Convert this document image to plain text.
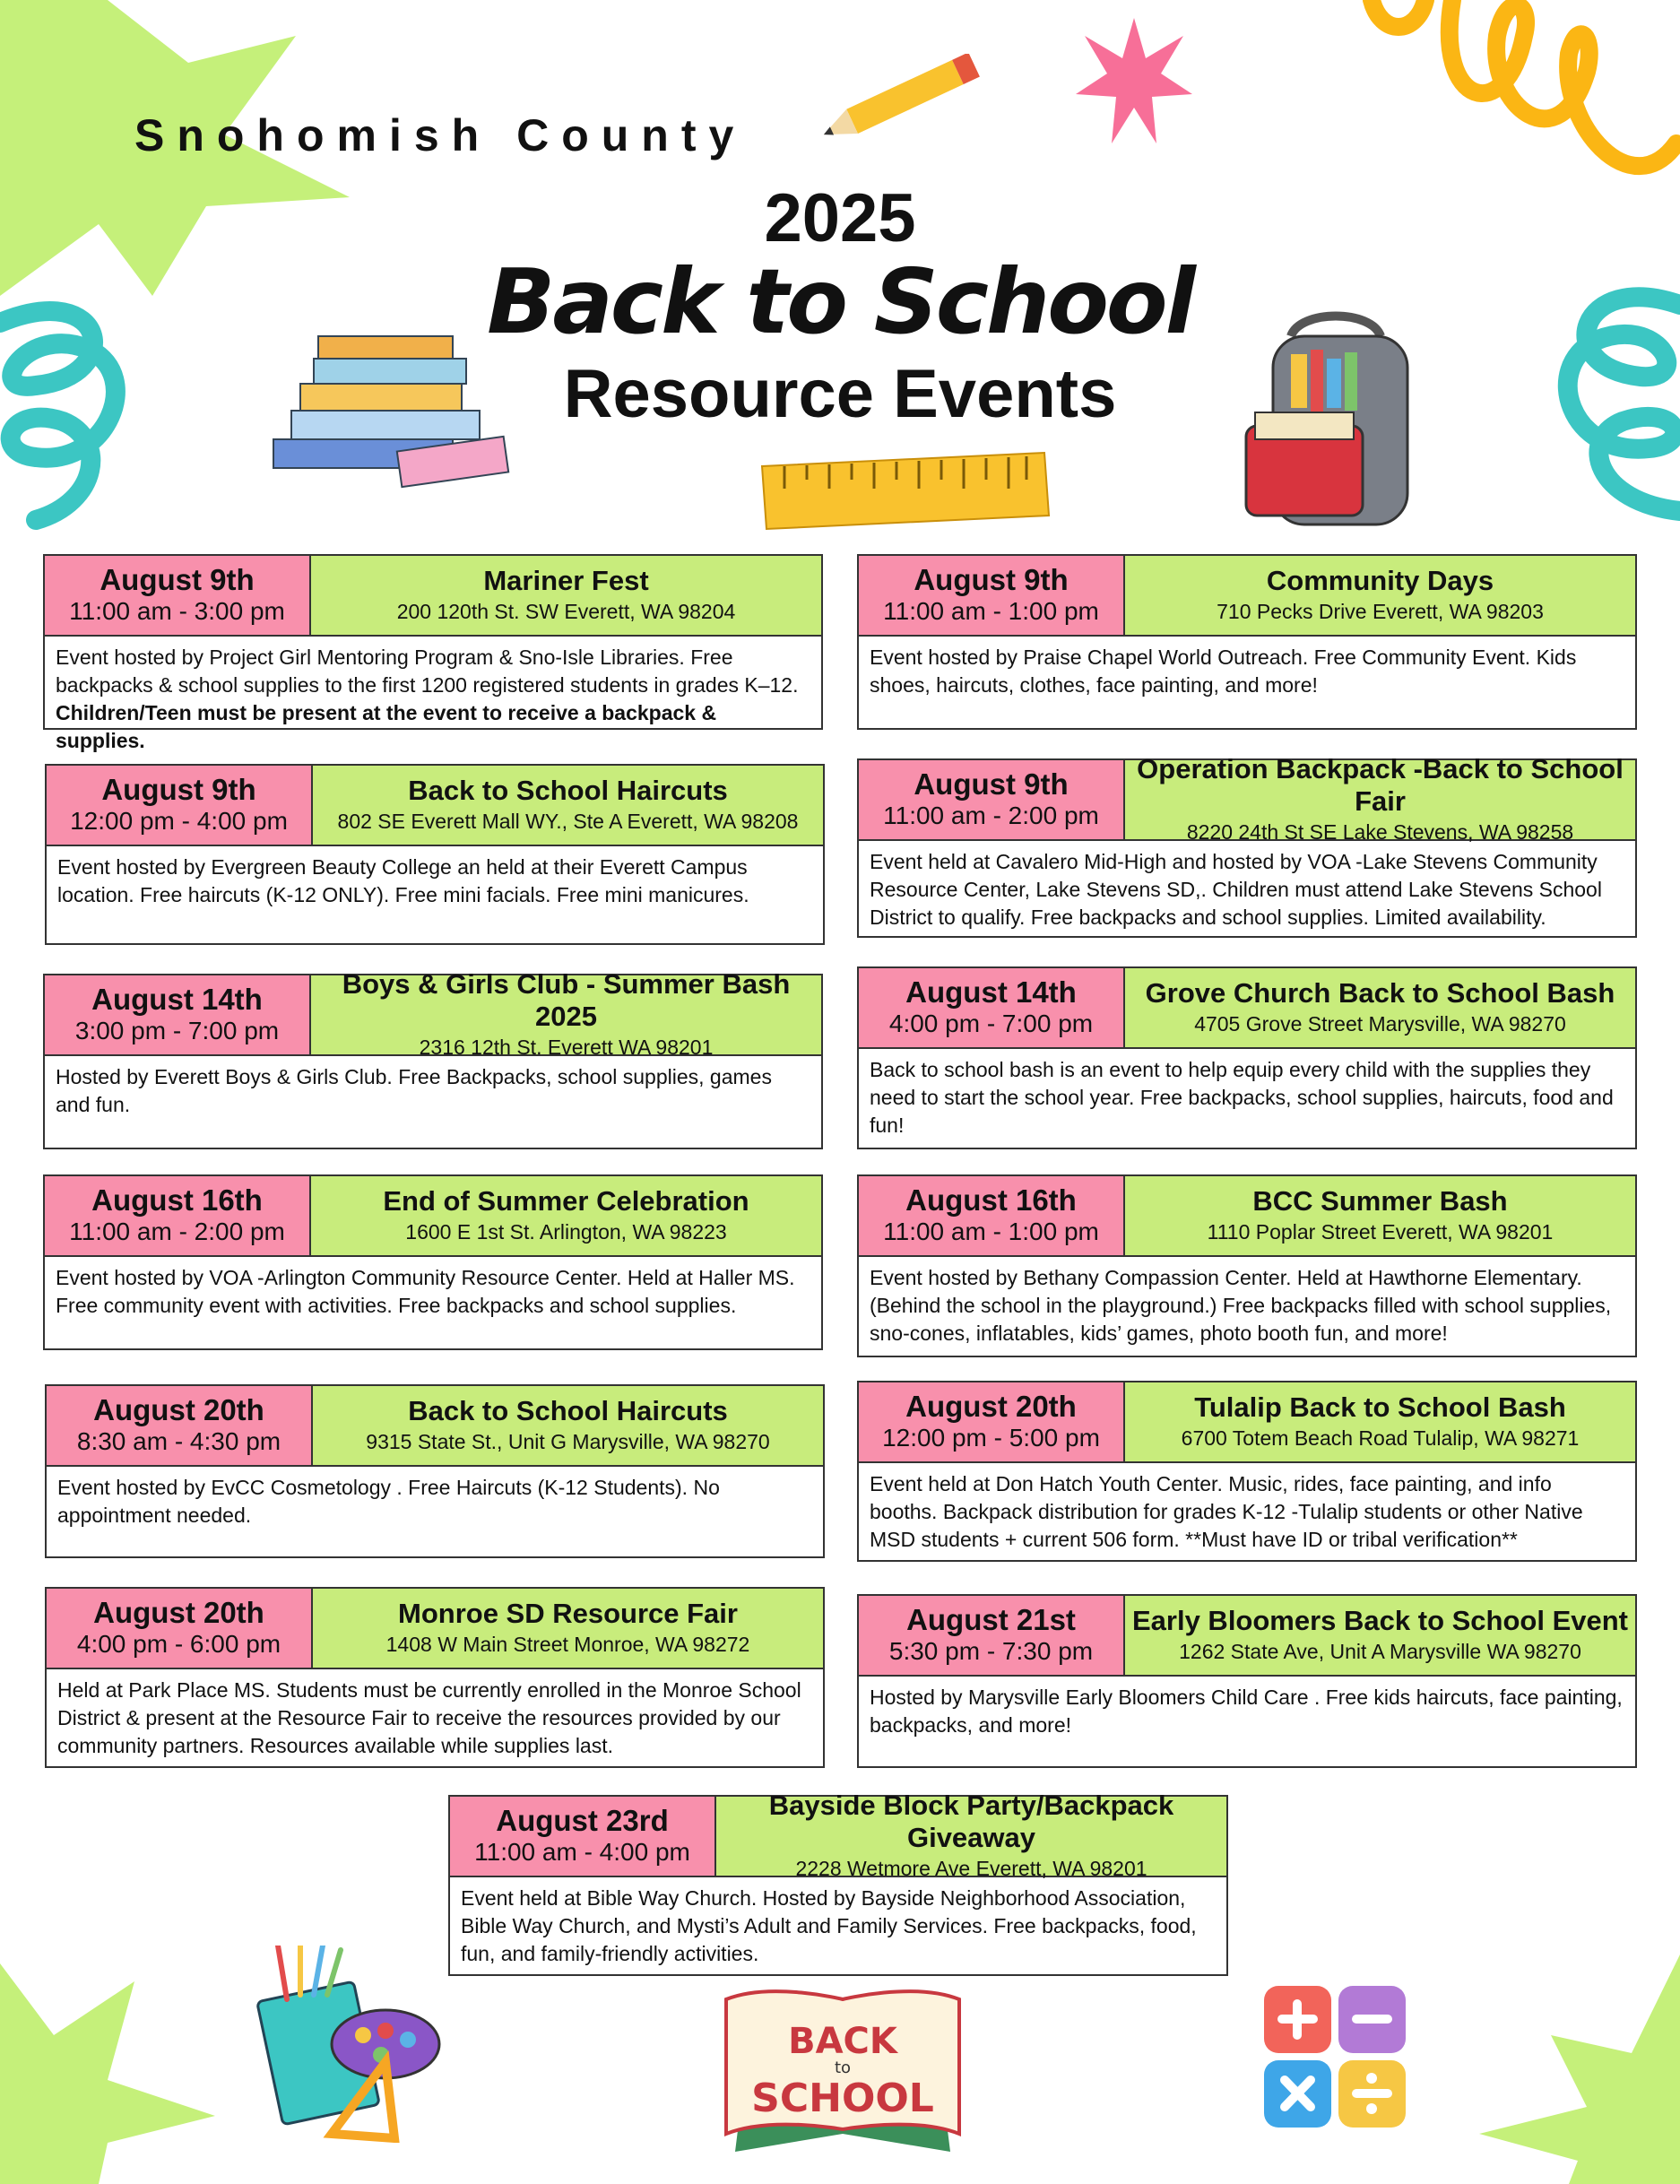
Snohomish County
2025
Back to School
Resource Events
August 9th
11:00 am - 3:00 pm
Mariner Fest
200 120th St. SW Everett, WA 98204
Event hosted by Project Girl Mentoring Program & Sno-Isle Libraries. Free backpacks & school supplies to the first 1200 registered students in grades K–12. Children/Teen must be present at the event to receive a backpack & supplies.
August 9th
11:00 am - 1:00 pm
Community Days
710 Pecks Drive Everett, WA 98203
Event hosted by Praise Chapel World Outreach. Free Community Event. Kids shoes, haircuts, clothes, face painting, and more!
August 9th
12:00 pm - 4:00 pm
Back to School Haircuts
802 SE Everett Mall WY., Ste A Everett, WA 98208
Event hosted by Evergreen Beauty College an held at their Everett Campus location. Free haircuts (K-12 ONLY). Free mini facials. Free mini manicures.
August 9th
11:00 am - 2:00 pm
Operation Backpack -Back to School Fair
8220 24th St SE Lake Stevens, WA 98258
Event held at Cavalero Mid-High and hosted by VOA -Lake Stevens Community Resource Center, Lake Stevens SD,. Children must attend Lake Stevens School District to qualify. Free backpacks and school supplies. Limited availability.
August 14th
3:00 pm - 7:00 pm
Boys & Girls Club - Summer Bash 2025
2316 12th St. Everett WA 98201
Hosted by Everett Boys & Girls Club. Free Backpacks, school supplies, games and fun.
August 14th
4:00 pm - 7:00 pm
Grove Church Back to School Bash
4705 Grove Street Marysville, WA 98270
Back to school bash is an event to help equip every child with the supplies they need to start the school year. Free backpacks, school supplies, haircuts, food and fun!
August 16th
11:00 am - 2:00 pm
End of Summer Celebration
1600 E 1st St. Arlington, WA 98223
Event hosted by VOA -Arlington Community Resource Center. Held at Haller MS. Free community event with activities. Free backpacks and school supplies.
August 16th
11:00 am - 1:00 pm
BCC Summer Bash
1110 Poplar Street Everett, WA 98201
Event hosted by Bethany Compassion Center. Held at Hawthorne Elementary. (Behind the school in the playground.) Free backpacks filled with school supplies, sno-cones, inflatables, kids’ games, photo booth fun, and more!
August 20th
8:30 am - 4:30 pm
Back to School Haircuts
9315 State St., Unit G Marysville, WA 98270
Event hosted by EvCC Cosmetology . Free Haircuts (K-12 Students). No appointment needed.
August 20th
12:00 pm - 5:00 pm
Tulalip Back to School Bash
6700 Totem Beach Road Tulalip, WA 98271
Event held at Don Hatch Youth Center. Music, rides, face painting, and info booths. Backpack distribution for grades K-12 -Tulalip students or other Native MSD students + current 506 form. **Must have ID or tribal verification**
August 20th
4:00 pm - 6:00 pm
Monroe SD Resource Fair
1408 W Main Street Monroe, WA 98272
Held at Park Place MS. Students must be currently enrolled in the Monroe School District & present at the Resource Fair to receive the resources provided by our community partners. Resources available while supplies last.
August 21st
5:30 pm - 7:30 pm
Early Bloomers Back to School Event
1262 State Ave, Unit A Marysville WA 98270
Hosted by Marysville Early Bloomers Child Care . Free kids haircuts, face painting, backpacks, and more!
August 23rd
11:00 am - 4:00 pm
Bayside Block Party/Backpack Giveaway
2228 Wetmore Ave Everett, WA 98201
Event held at Bible Way Church. Hosted by Bayside Neighborhood Association, Bible Way Church, and Mysti’s Adult and Family Services. Free backpacks, food, fun, and family-friendly activities.
BACK
to
SCHOOL
